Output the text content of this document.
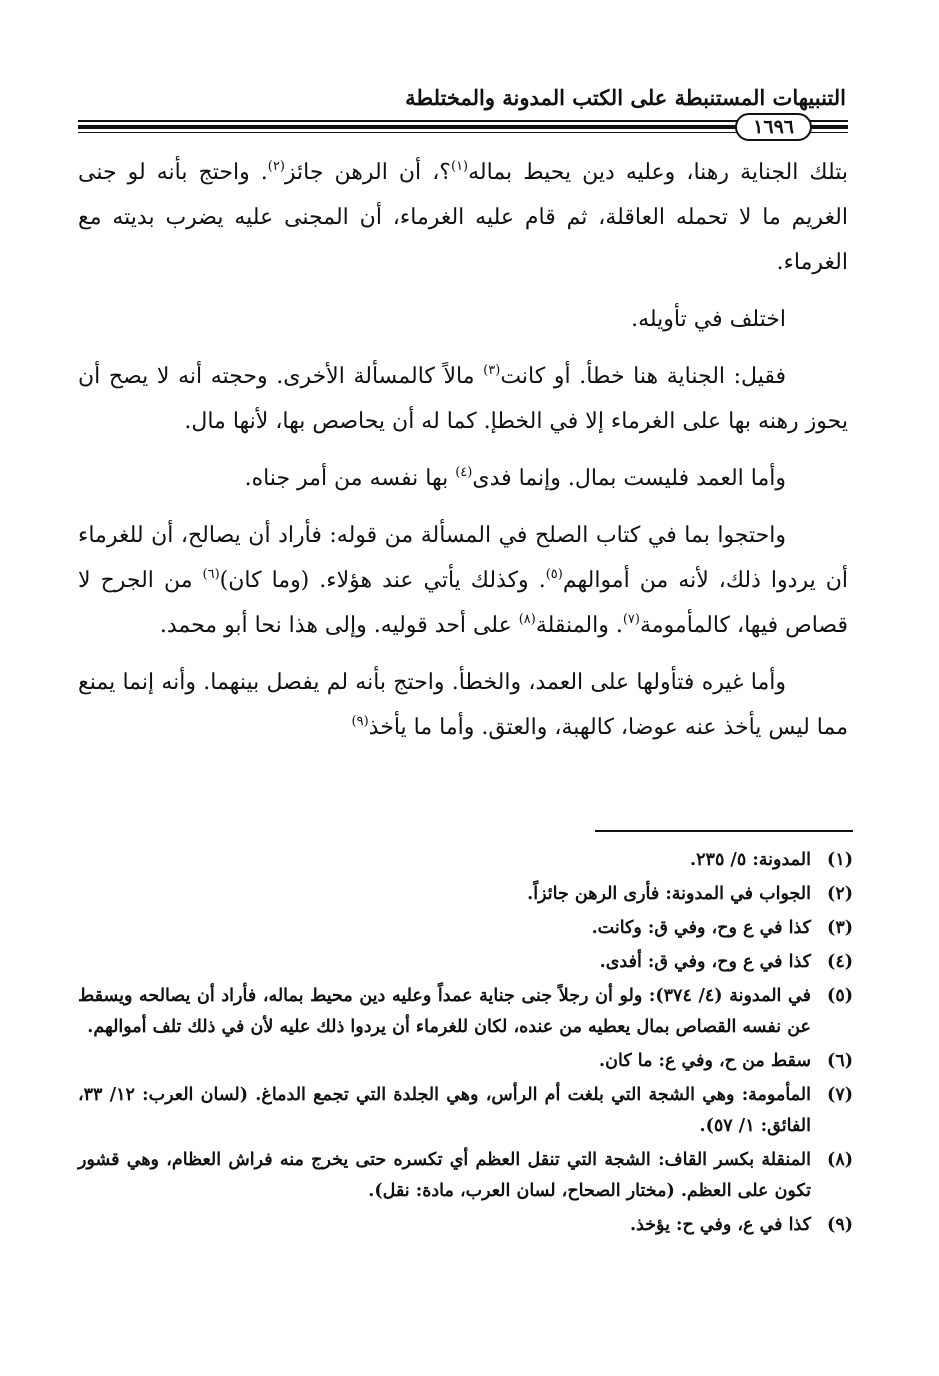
التنبيهات المستنبطة على الكتب المدونة والمختلطة
١٦٩٦

بتلك الجناية رهنا، وعليه دين يحيط بماله$^{(١)}$؟، أن الرهن جائز$^{(٢)}$. واحتج بأنه لو جنى الغريم ما لا تحمله العاقلة، ثم قام عليه الغرماء، أن المجنى عليه يضرب بديته مع الغرماء.

اختلف في تأويله.

فقيل: الجناية هنا خطأ. أو كانت$^{(٣)}$ مالاً كالمسألة الأخرى. وحجته أنه لا يصح أن يحوز رهنه بها على الغرماء إلا في الخطإ. كما له أن يحاصص بها، لأنها مال.

وأما العمد فليست بمال. وإنما فدى$^{(٤)}$ بها نفسه من أمر جناه.

واحتجوا بما في كتاب الصلح في المسألة من قوله: فأراد أن يصالح، أن للغرماء أن يردوا ذلك، لأنه من أموالهم$^{(٥)}$. وكذلك يأتي عند هؤلاء. (وما كان)$^{(٦)}$ من الجرح لا قصاص فيها، كالمأمومة$^{(٧)}$. والمنقلة$^{(٨)}$ على أحد قوليه. وإلى هذا نحا أبو محمد.

وأما غيره فتأولها على العمد، والخطأ. واحتج بأنه لم يفصل بينهما. وأنه إنما يمنع مما ليس يأخذ عنه عوضا، كالهبة، والعتق. وأما ما يأخذ$^{(٩)}$

(١)
المدونة: ٥/ ٢٣٥.
(٢)
الجواب في المدونة: فأرى الرهن جائزاً.
(٣)
كذا في ع وح، وفي ق: وكانت.
(٤)
كذا في ع وح، وفي ق: أفدى.
(٥)
في المدونة (٤/ ٣٧٤): ولو أن رجلاً جنى جناية عمداً وعليه دين محيط بماله، فأراد أن يصالحه ويسقط عن نفسه القصاص بمال يعطيه من عنده، لكان للغرماء أن يردوا ذلك عليه لأن في ذلك تلف أموالهم.
(٦)
سقط من ح، وفي ع: ما كان.
(٧)
المأمومة: وهي الشجة التي بلغت أم الرأس، وهي الجلدة التي تجمع الدماغ. (لسان العرب: ١٢/ ٣٣، الفائق: ١/ ٥٧).
(٨)
المنقلة بكسر القاف: الشجة التي تنقل العظم أي تكسره حتى يخرج منه فراش العظام، وهي قشور تكون على العظم. (مختار الصحاح، لسان العرب، مادة: نقل).
(٩)
كذا في ع، وفي ح: يؤخذ.
